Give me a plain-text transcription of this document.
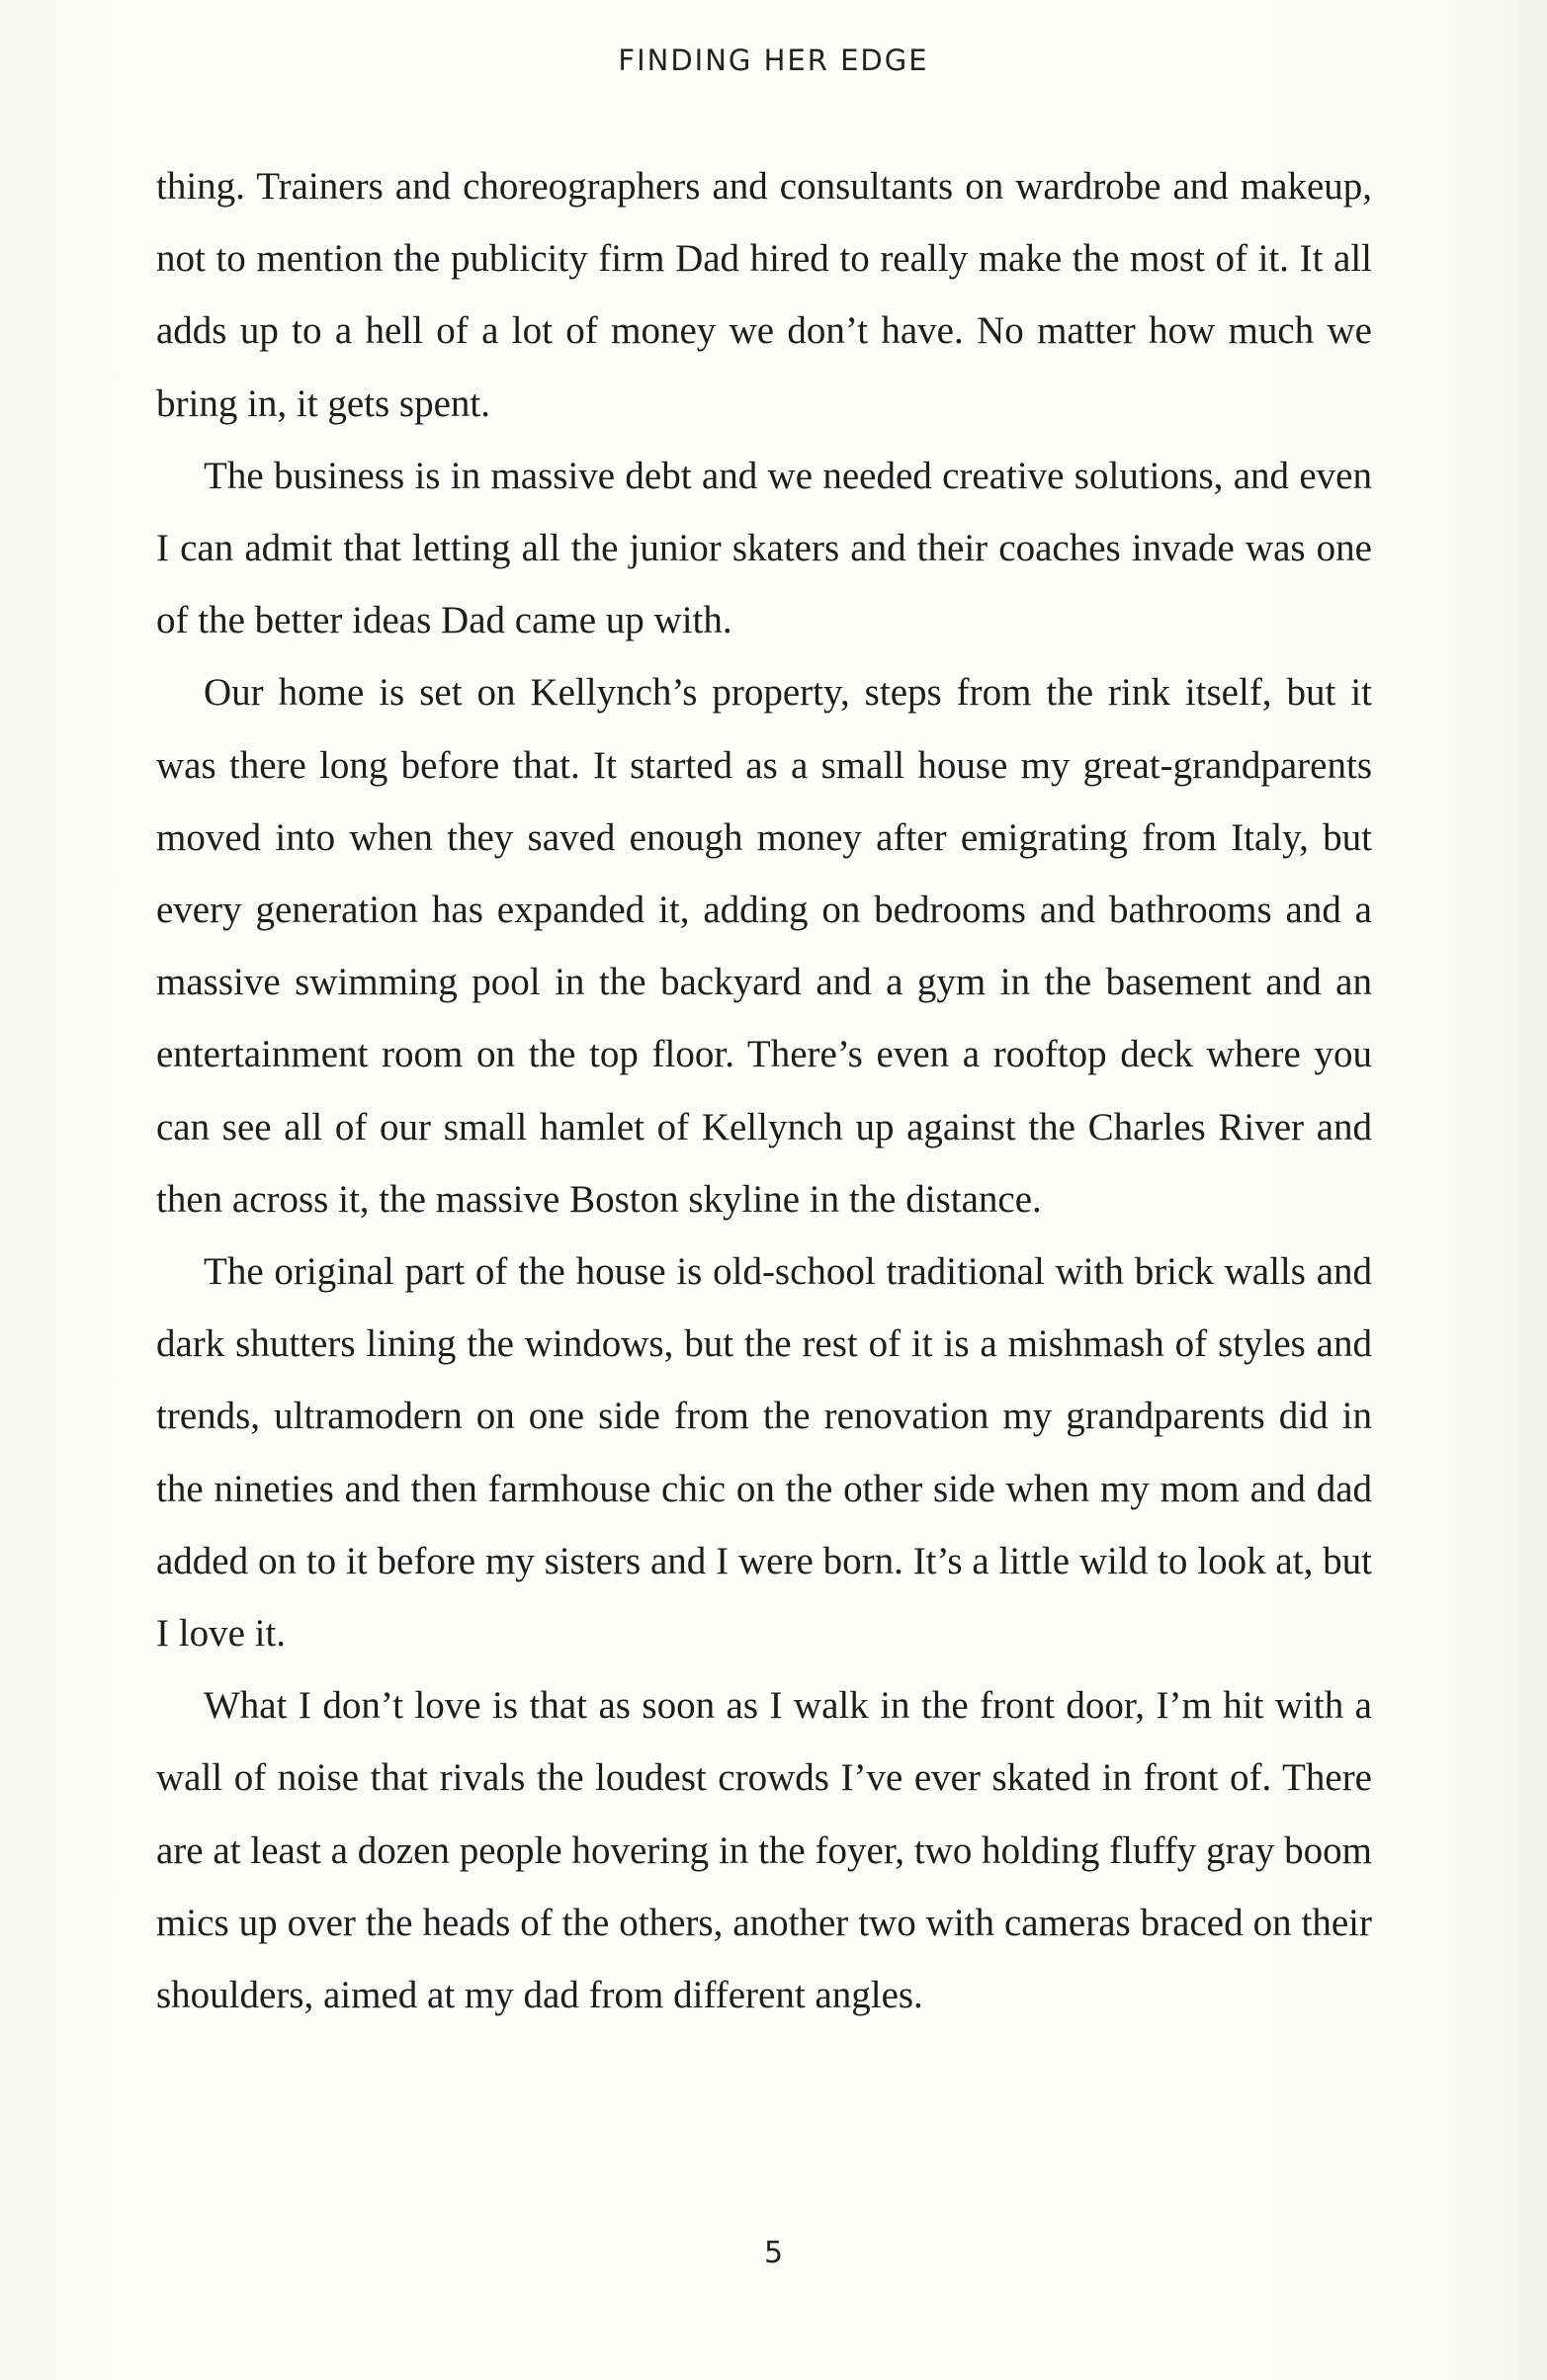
FINDING HER EDGE

thing. Trainers and choreographers and consultants on wardrobe and makeup, not to mention the publicity firm Dad hired to really make the most of it. It all adds up to a hell of a lot of money we don’t have. No matter how much we bring in, it gets spent.

The business is in massive debt and we needed creative solutions, and even I can admit that letting all the junior skaters and their coaches invade was one of the better ideas Dad came up with.

Our home is set on Kellynch’s property, steps from the rink itself, but it was there long before that. It started as a small house my great-grandparents moved into when they saved enough money after emigrating from Italy, but every generation has expanded it, adding on bedrooms and bathrooms and a massive swimming pool in the backyard and a gym in the basement and an entertainment room on the top floor. There’s even a rooftop deck where you can see all of our small hamlet of Kellynch up against the Charles River and then across it, the massive Boston skyline in the distance.

The original part of the house is old-school traditional with brick walls and dark shutters lining the windows, but the rest of it is a mishmash of styles and trends, ultramodern on one side from the renovation my grandparents did in the nineties and then farmhouse chic on the other side when my mom and dad added on to it before my sisters and I were born. It’s a little wild to look at, but I love it.

What I don’t love is that as soon as I walk in the front door, I’m hit with a wall of noise that rivals the loudest crowds I’ve ever skated in front of. There are at least a dozen people hovering in the foyer, two holding fluffy gray boom mics up over the heads of the others, another two with cameras braced on their shoulders, aimed at my dad from different angles.

5
